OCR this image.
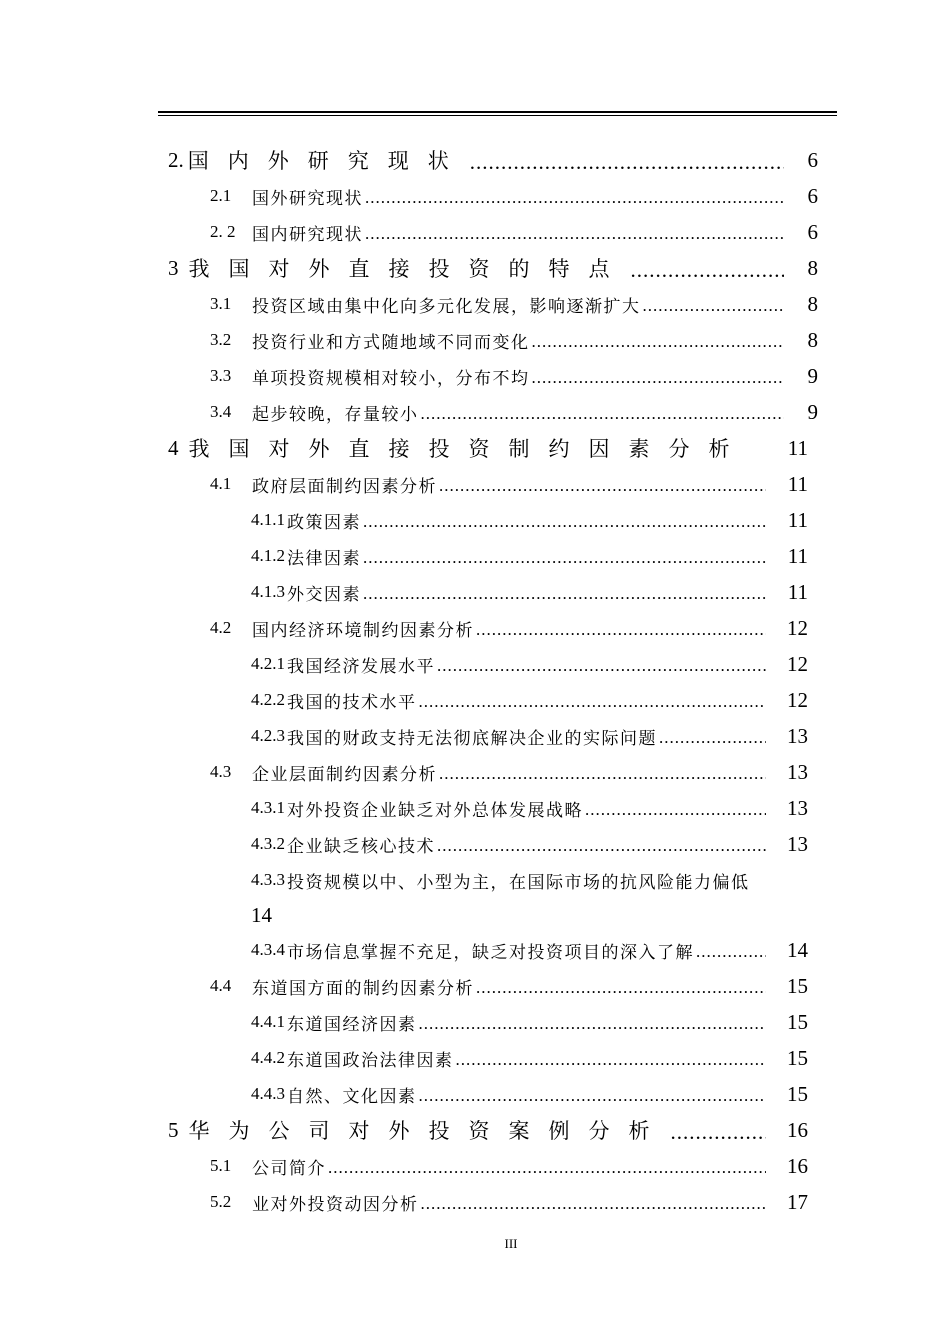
2. 国内外研究现状 .....	6
2.1	国外研究现状 .....	6
2. 2 国内研究现状 .....	6
3 我国对外直接投资的特点 .....	8
3.1	投资区域由集中化向多元化发展，影响逐渐扩大 .....	8
3.2	投资行业和方式随地域不同而变化 .....	8
3.3	单项投资规模相对较小，分布不均 .....	9
3.4	起步较晚，存量较小 .....	9
4 我国对外直接投资制约因素分析 11
4.1	政府层面制约因素分析 .....	11
4.1.1 政策因素 .....	11
4.1.2 法律因素 .....	11
4.1.3 外交因素 .....	11
4.2	国内经济环境制约因素分析 .....	12
4.2.1 我国经济发展水平 .....	12
4.2.2 我国的技术水平 .....	12
4.2.3 我国的财政支持无法彻底解决企业的实际问题 .....	13
4.3	企业层面制约因素分析 .....	13
4.3.1 对外投资企业缺乏对外总体发展战略 .....	13
4.3.2 企业缺乏核心技术 .....	13
4.3.3 投资规模以中、小型为主，在国际市场的抗风险能力偏低
14
4.3.4 市场信息掌握不充足，缺乏对投资项目的深入了解 .....	14
4.4	东道国方面的制约因素分析 .....	15
4.4.1 东道国经济因素 .....	15
4.4.2 东道国政治法律因素 .....	15
4.4.3 自然、文化因素 .....	15
5 华为公司对外投资案例分析 .....	16
5.1	公司简介 .....	16
5.2	业对外投资动因分析 .....	17
III
